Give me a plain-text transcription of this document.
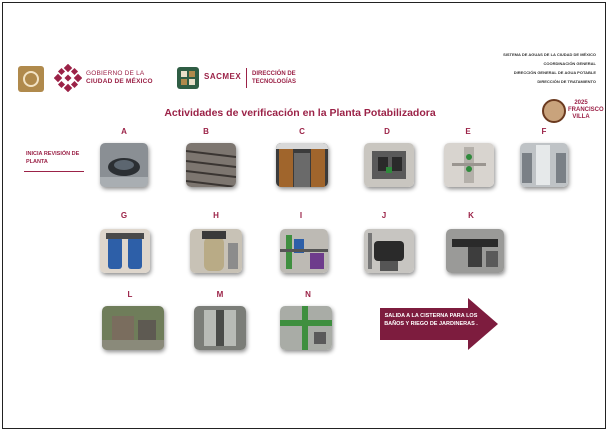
GOBIERNO DE LA
CIUDAD DE MÉXICO
SACMEX DIRECCIÓN DE
TECNOLOGÍAS
SISTEMA DE AGUAS DE LA CIUDAD DE MÉXICO
COORDINACIÓN GENERAL
DIRECCIÓN GENERAL DE AGUA POTABLE
DIRECCIÓN DE TRATAMIENTO
2025
FRANCISCO
VILLA
Actividades de verificación en la Planta Potabilizadora
INICIA REVISIÓN DE PLANTA
A	B	C	D	E	F
G	H	I	J	K
L	M	N
SALIDA A LA CISTERNA PARA LOS BAÑOS Y RIEGO DE JARDINERAS .
